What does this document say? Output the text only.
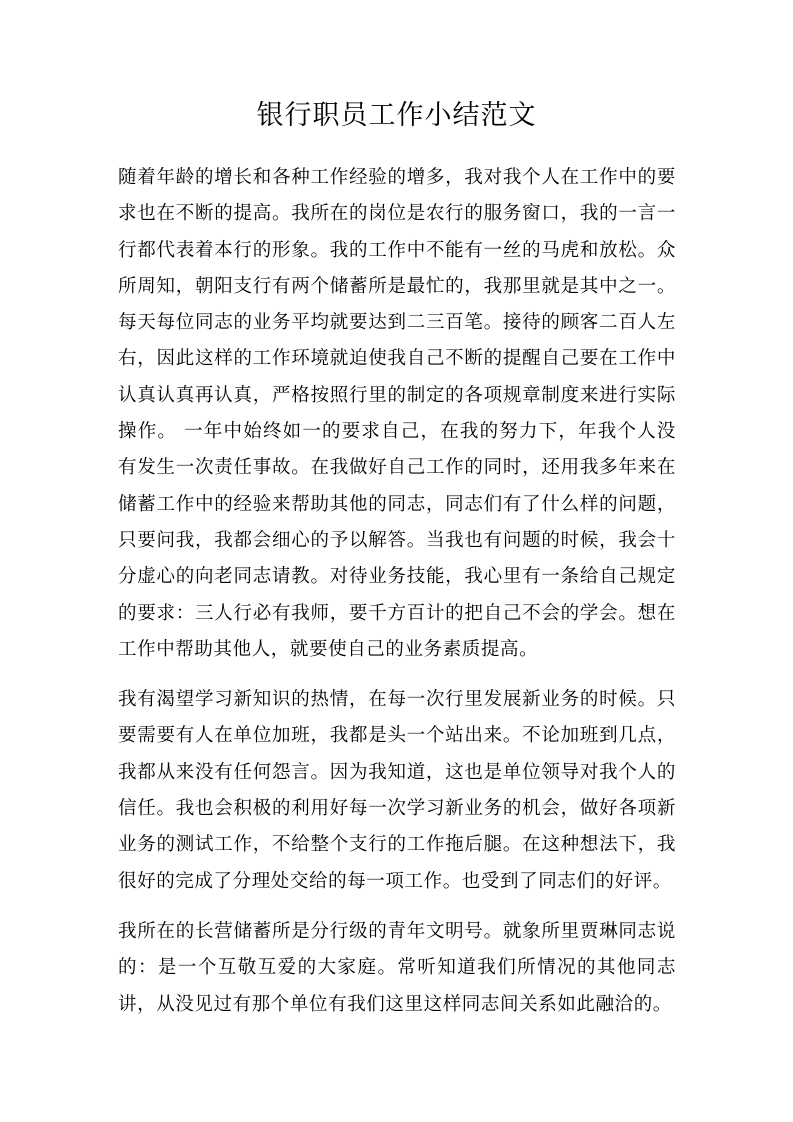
银行职员工作小结范文

随着年龄的增长和各种工作经验的增多，我对我个人在工作中的要求也在不断的提高。我所在的岗位是农行的服务窗口，我的一言一行都代表着本行的形象。我的工作中不能有一丝的马虎和放松。众所周知，朝阳支行有两个储蓄所是最忙的，我那里就是其中之一。每天每位同志的业务平均就要达到二三百笔。接待的顾客二百人左右，因此这样的工作环境就迫使我自己不断的提醒自己要在工作中认真认真再认真，严格按照行里的制定的各项规章制度来进行实际操作。 一年中始终如一的要求自己，在我的努力下，年我个人没有发生一次责任事故。在我做好自己工作的同时，还用我多年来在储蓄工作中的经验来帮助其他的同志，同志们有了什么样的问题，只要问我，我都会细心的予以解答。当我也有问题的时候，我会十分虚心的向老同志请教。对待业务技能，我心里有一条给自己规定的要求：三人行必有我师，要千方百计的把自己不会的学会。想在工作中帮助其他人，就要使自己的业务素质提高。

我有渴望学习新知识的热情，在每一次行里发展新业务的时候。只要需要有人在单位加班，我都是头一个站出来。不论加班到几点，我都从来没有任何怨言。因为我知道，这也是单位领导对我个人的信任。我也会积极的利用好每一次学习新业务的机会，做好各项新业务的测试工作，不给整个支行的工作拖后腿。在这种想法下，我很好的完成了分理处交给的每一项工作。也受到了同志们的好评。

我所在的长营储蓄所是分行级的青年文明号。就象所里贾琳同志说的：是一个互敬互爱的大家庭。常听知道我们所情况的其他同志讲，从没见过有那个单位有我们这里这样同志间关系如此融洽的。
